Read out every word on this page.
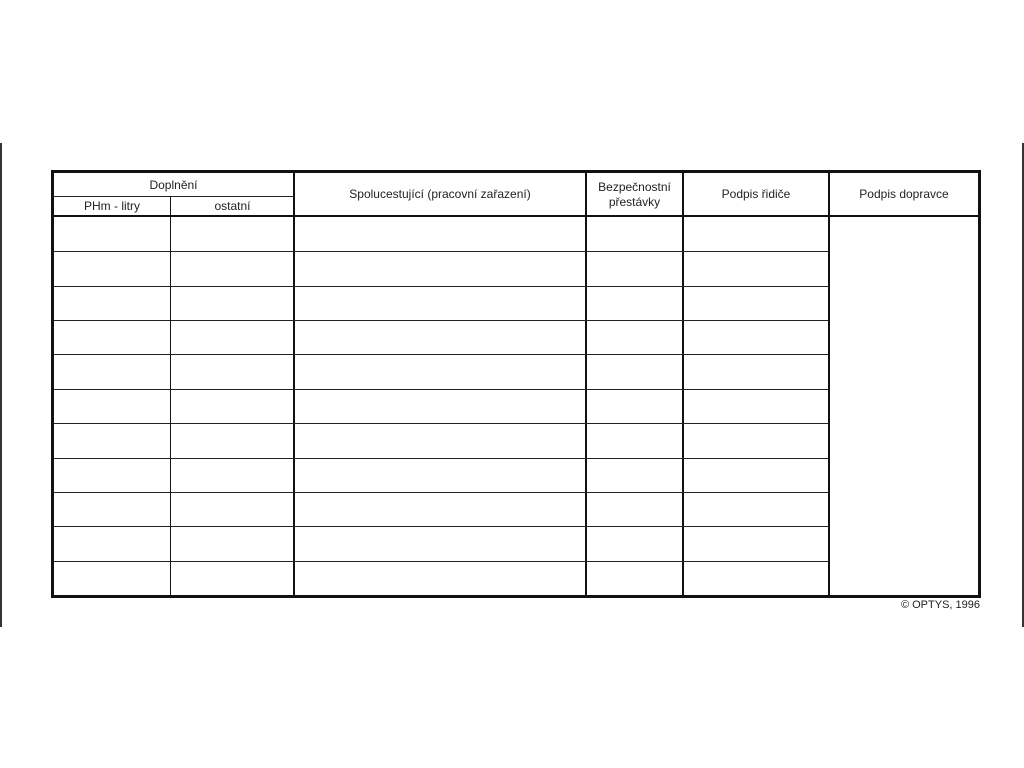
Doplnění
PHm - litry	ostatní
Spolucestující (pracovní zařazení)
Bezpečnostní
přestávky
Podpis řidiče	Podpis dopravce
© OPTYS, 1996
